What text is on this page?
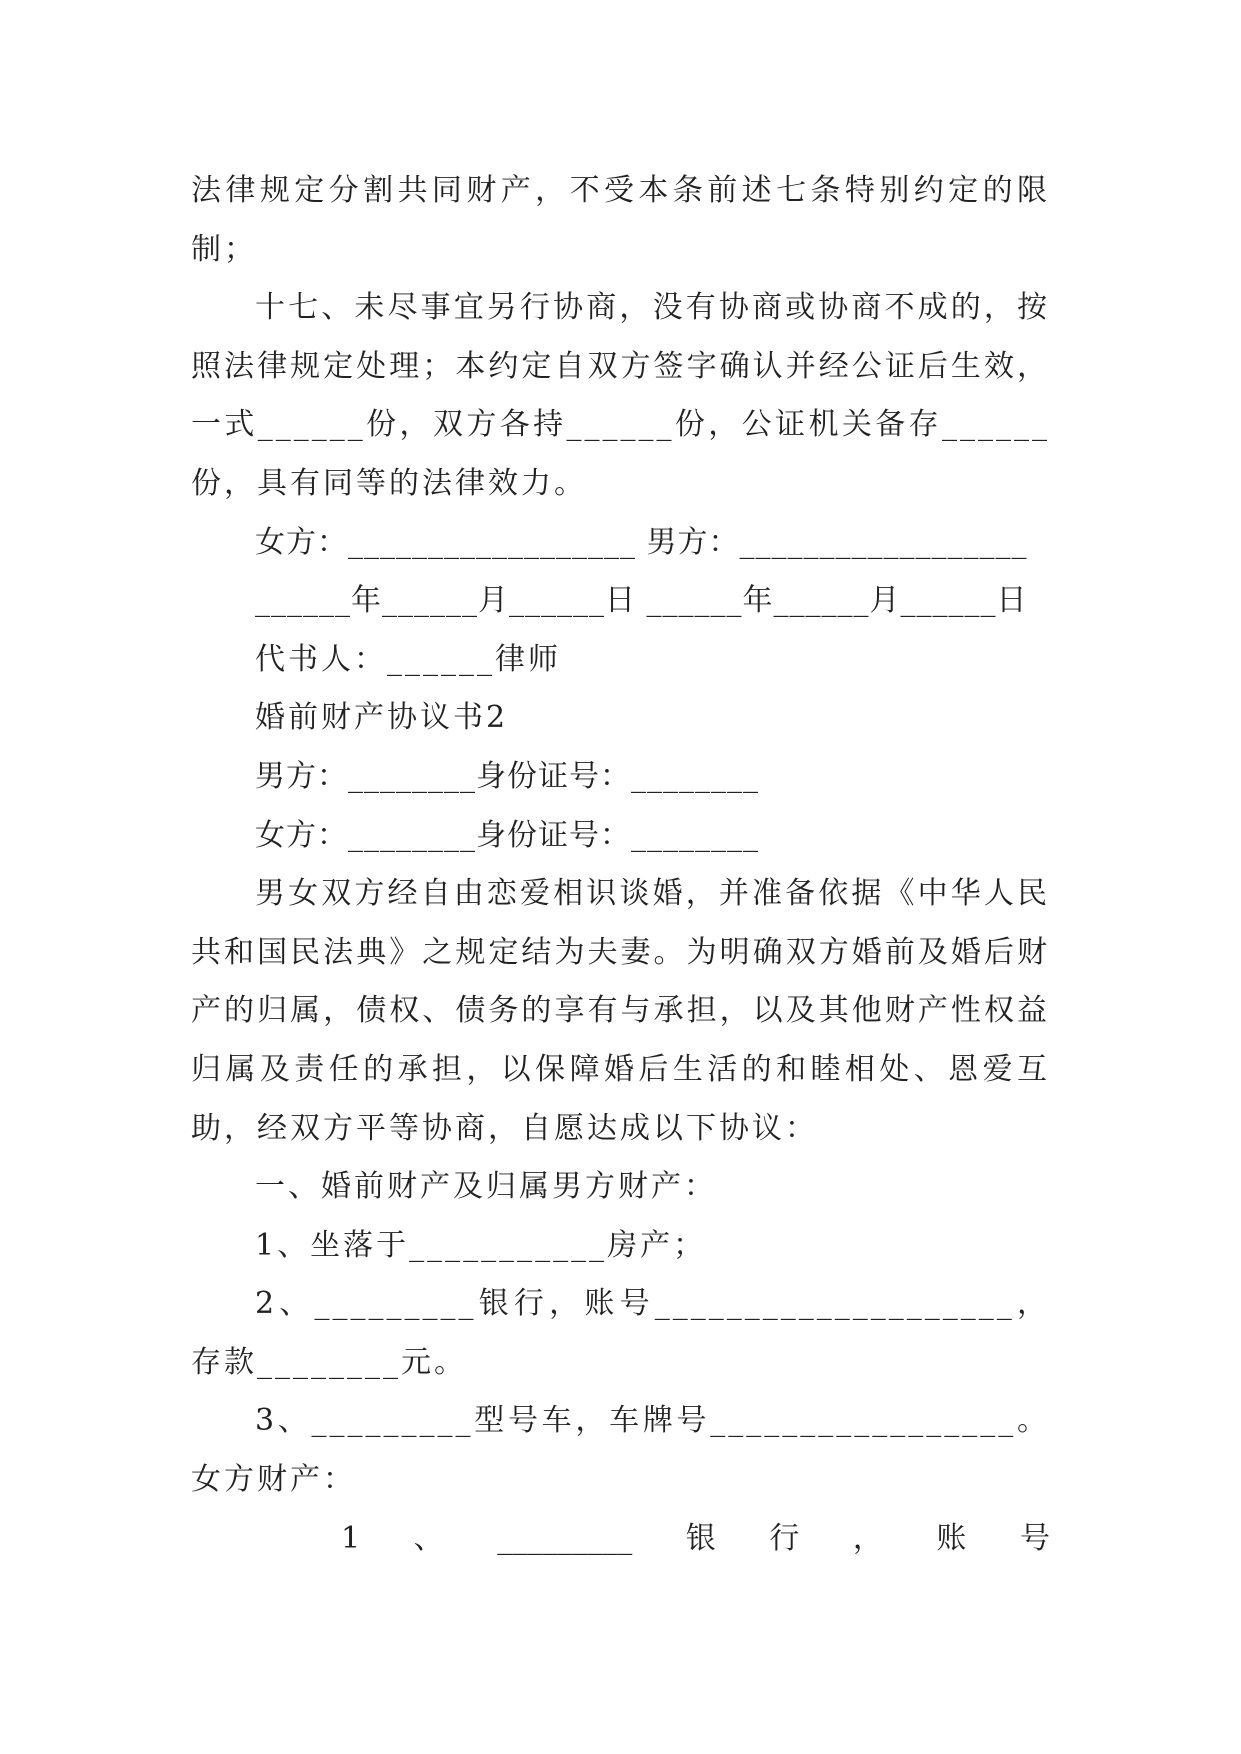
法律规定分割共同财产，不受本条前述七条特别约定的限制；

十七、未尽事宜另行协商，没有协商或协商不成的，按照法律规定处理；本约定自双方签字确认并经公证后生效，一式______份，双方各持______份，公证机关备存______份，具有同等的法律效力。

女方：__________________ 男方：__________________

______年______月______日 ______年______月______日

代书人：______律师

婚前财产协议书2

男方：________身份证号：________

女方：________身份证号：________

男女双方经自由恋爱相识谈婚，并准备依据《中华人民共和国民法典》之规定结为夫妻。为明确双方婚前及婚后财产的归属，债权、债务的享有与承担，以及其他财产性权益归属及责任的承担，以保障婚后生活的和睦相处、恩爱互助，经双方平等协商，自愿达成以下协议：

一、婚前财产及归属男方财产：

1、坐落于___________房产；

2、_________银行，账号____________________，存款________元。

3、_________型号车，车牌号_________________。女方财产：

1、_________银行，账号
